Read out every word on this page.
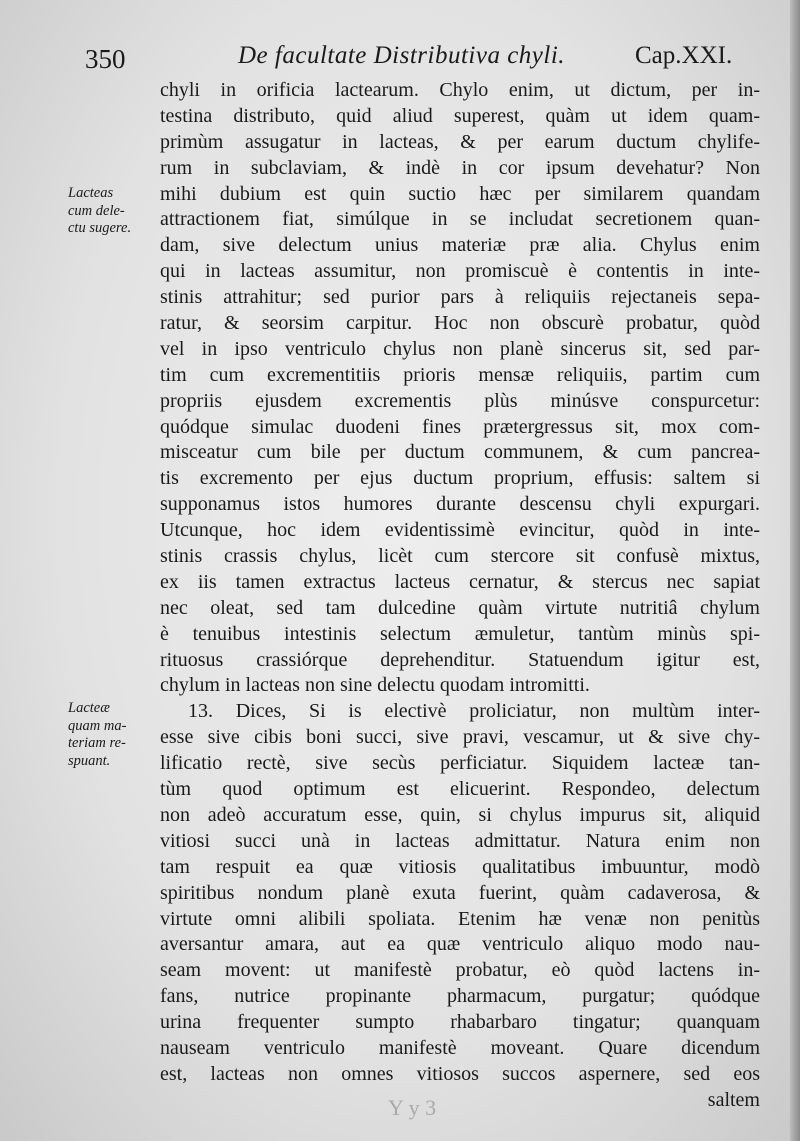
350	De facultate Distributiva chyli.	Cap.XXI.
Lacteas
cum dele-
ctu sugere.
Lacteæ
quam ma-
teriam re-
spuant.
chyli in orificia lactearum. Chylo enim, ut dictum, per in-
testina distributo, quid aliud superest, quàm ut idem quam-
primùm assugatur in lacteas, & per earum ductum chylife-
rum in subclaviam, & indè in cor ipsum devehatur? Non
mihi dubium est quin suctio hæc per similarem quandam
attractionem fiat, simúlque in se includat secretionem quan-
dam, sive delectum unius materiæ præ alia. Chylus enim
qui in lacteas assumitur, non promiscuè è contentis in inte-
stinis attrahitur; sed purior pars à reliquiis rejectaneis sepa-
ratur, & seorsim carpitur. Hoc non obscurè probatur, quòd
vel in ipso ventriculo chylus non planè sincerus sit, sed par-
tim cum excrementitiis prioris mensæ reliquiis, partim cum
propriis ejusdem excrementis plùs minúsve conspurcetur:
quódque simulac duodeni fines prætergressus sit, mox com-
misceatur cum bile per ductum communem, & cum pancrea-
tis excremento per ejus ductum proprium, effusis: saltem si
supponamus istos humores durante descensu chyli expurgari.
Utcunque, hoc idem evidentissimè evincitur, quòd in inte-
stinis crassis chylus, licèt cum stercore sit confusè mixtus,
ex iis tamen extractus lacteus cernatur, & stercus nec sapiat
nec oleat, sed tam dulcedine quàm virtute nutritiâ chylum
è tenuibus intestinis selectum æmuletur, tantùm minùs spi-
rituosus crassiórque deprehenditur. Statuendum igitur est,
chylum in lacteas non sine delectu quodam intromitti.
13. Dices, Si is electivè proliciatur, non multùm inter-
esse sive cibis boni succi, sive pravi, vescamur, ut & sive chy-
lificatio rectè, sive secùs perficiatur. Siquidem lacteæ tan-
tùm quod optimum est elicuerint. Respondeo, delectum
non adeò accuratum esse, quin, si chylus impurus sit, aliquid
vitiosi succi unà in lacteas admittatur. Natura enim non
tam respuit ea quæ vitiosis qualitatibus imbuuntur, modò
spiritibus nondum planè exuta fuerint, quàm cadaverosa, &
virtute omni alibili spoliata. Etenim hæ venæ non penitùs
aversantur amara, aut ea quæ ventriculo aliquo modo nau-
seam movent: ut manifestè probatur, eò quòd lactens in-
fans, nutrice propinante pharmacum, purgatur; quódque
urina frequenter sumpto rhabarbaro tingatur; quanquam
nauseam ventriculo manifestè moveant. Quare dicendum
est, lacteas non omnes vitiosos succos aspernere, sed eos
saltem
Y y 3
